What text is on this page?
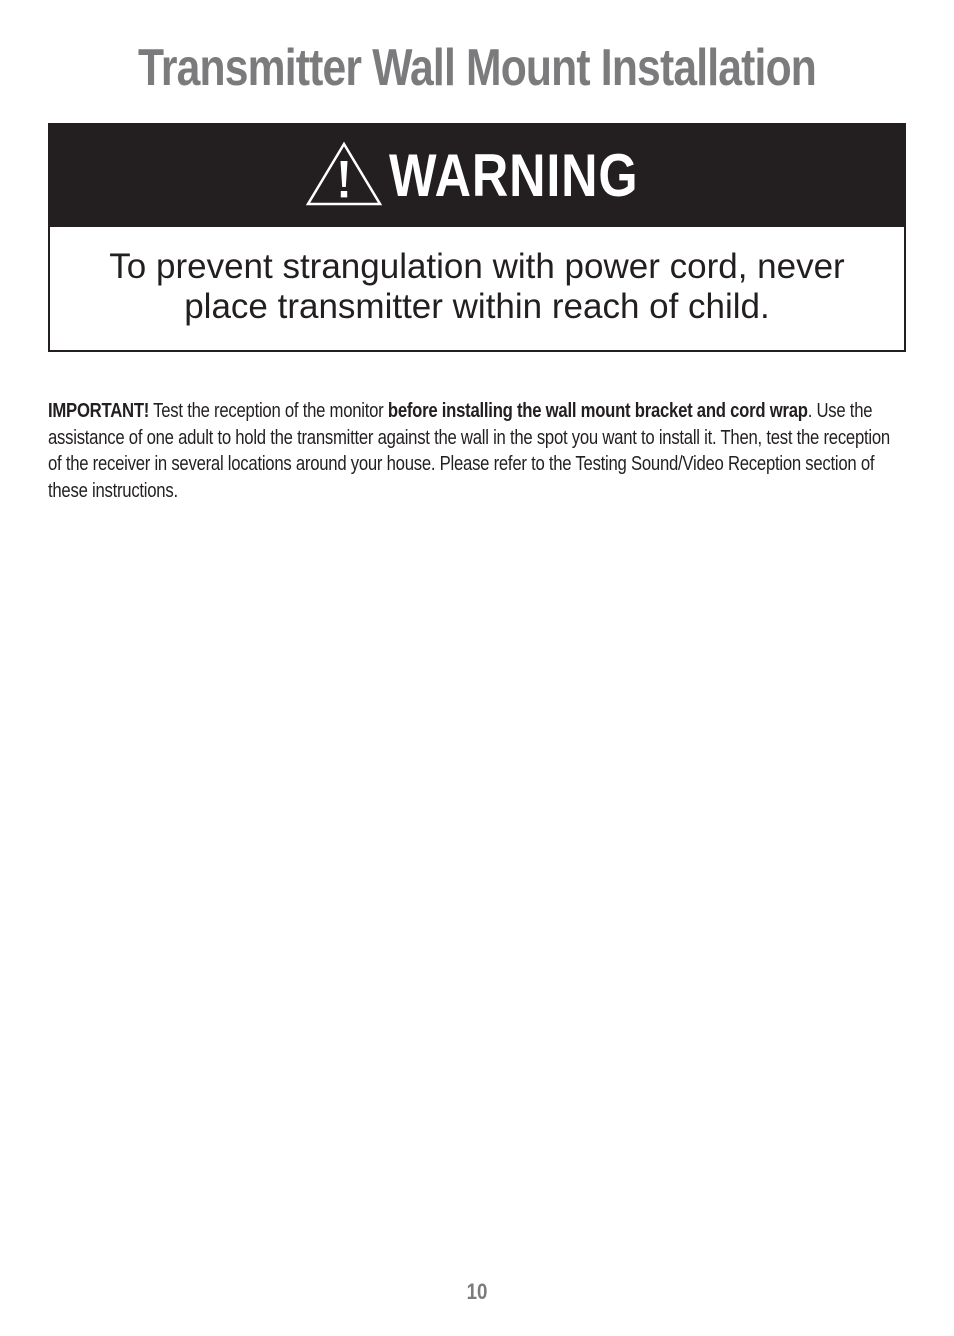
Transmitter Wall Mount Installation
WARNING

To prevent strangulation with power cord, never place transmitter within reach of child.

IMPORTANT! Test the reception of the monitor before installing the wall mount bracket and cord wrap. Use the assistance of one adult to hold the transmitter against the wall in the spot you want to install it. Then, test the reception of the receiver in several locations around your house. Please refer to the Testing Sound/Video Reception section of these instructions.

10
